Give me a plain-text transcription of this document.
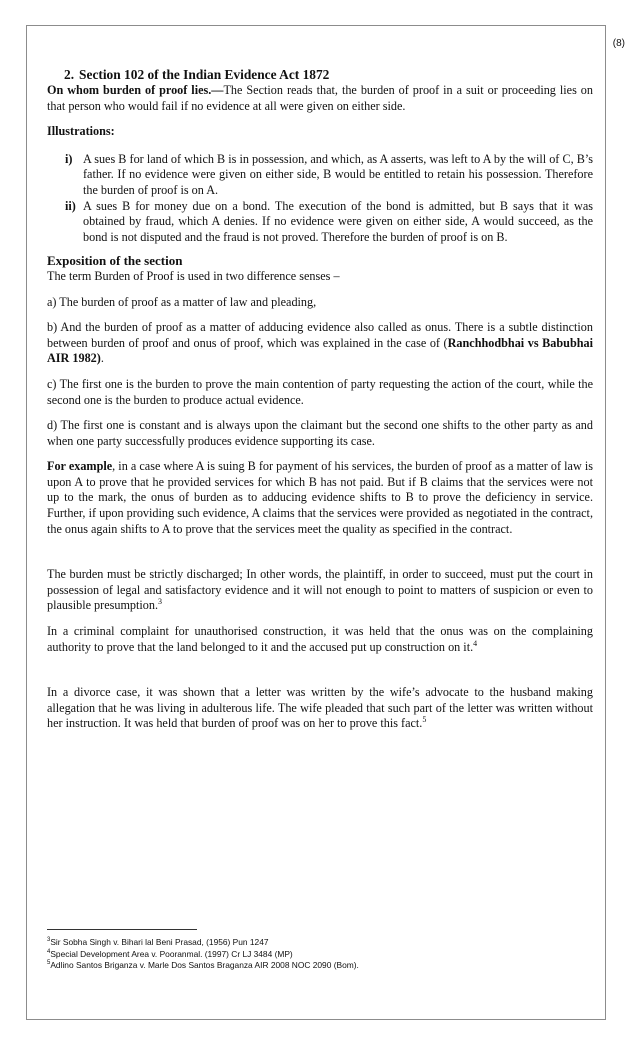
(8)
2. Section 102 of the Indian Evidence Act 1872

On whom burden of proof lies.—The Section reads that, the burden of proof in a suit or proceeding lies on that person who would fail if no evidence at all were given on either side.

Illustrations:

i) A sues B for land of which B is in possession, and which, as A asserts, was left to A by the will of C, B’s father. If no evidence were given on either side, B would be entitled to retain his possession. Therefore the burden of proof is on A.
ii) A sues B for money due on a bond. The execution of the bond is admitted, but B says that it was obtained by fraud, which A denies. If no evidence were given on either side, A would succeed, as the bond is not disputed and the fraud is not proved. Therefore the burden of proof is on B.

Exposition of the section

The term Burden of Proof is used in two difference senses –

a) The burden of proof as a matter of law and pleading,

b) And the burden of proof as a matter of adducing evidence also called as onus. There is a subtle distinction between burden of proof and onus of proof, which was explained in the case of (Ranchhodbhai vs Babubhai AIR 1982).

c) The first one is the burden to prove the main contention of party requesting the action of the court, while the second one is the burden to produce actual evidence.

d) The first one is constant and is always upon the claimant but the second one shifts to the other party as and when one party successfully produces evidence supporting its case.

For example, in a case where A is suing B for payment of his services, the burden of proof as a matter of law is upon A to prove that he provided services for which B has not paid. But if B claims that the services were not up to the mark, the onus of burden as to adducing evidence shifts to B to prove the deficiency in service. Further, if upon providing such evidence, A claims that the services were provided as negotiated in the contract, the onus again shifts to A to prove that the services meet the quality as specified in the contract.

The burden must be strictly discharged; In other words, the plaintiff, in order to succeed, must put the court in possession of legal and satisfactory evidence and it will not enough to point to matters of suspicion or even to plausible presumption.$^3$

In a criminal complaint for unauthorised construction, it was held that the onus was on the complaining authority to prove that the land belonged to it and the accused put up construction on it.$^4$

In a divorce case, it was shown that a letter was written by the wife’s advocate to the husband making allegation that he was living in adulterous life. The wife pleaded that such part of the letter was written without her instruction. It was held that burden of proof was on her to prove this fact.$^5$

$^3$Sir Sobha Singh v. Bihari lal Beni Prasad, (1956) Pun 1247
$^4$Special Development Area v. Pooranmal. (1997) Cr LJ 3484 (MP)
$^5$Adlino Santos Briganza v. Marle Dos Santos Braganza AIR 2008 NOC 2090 (Bom).
